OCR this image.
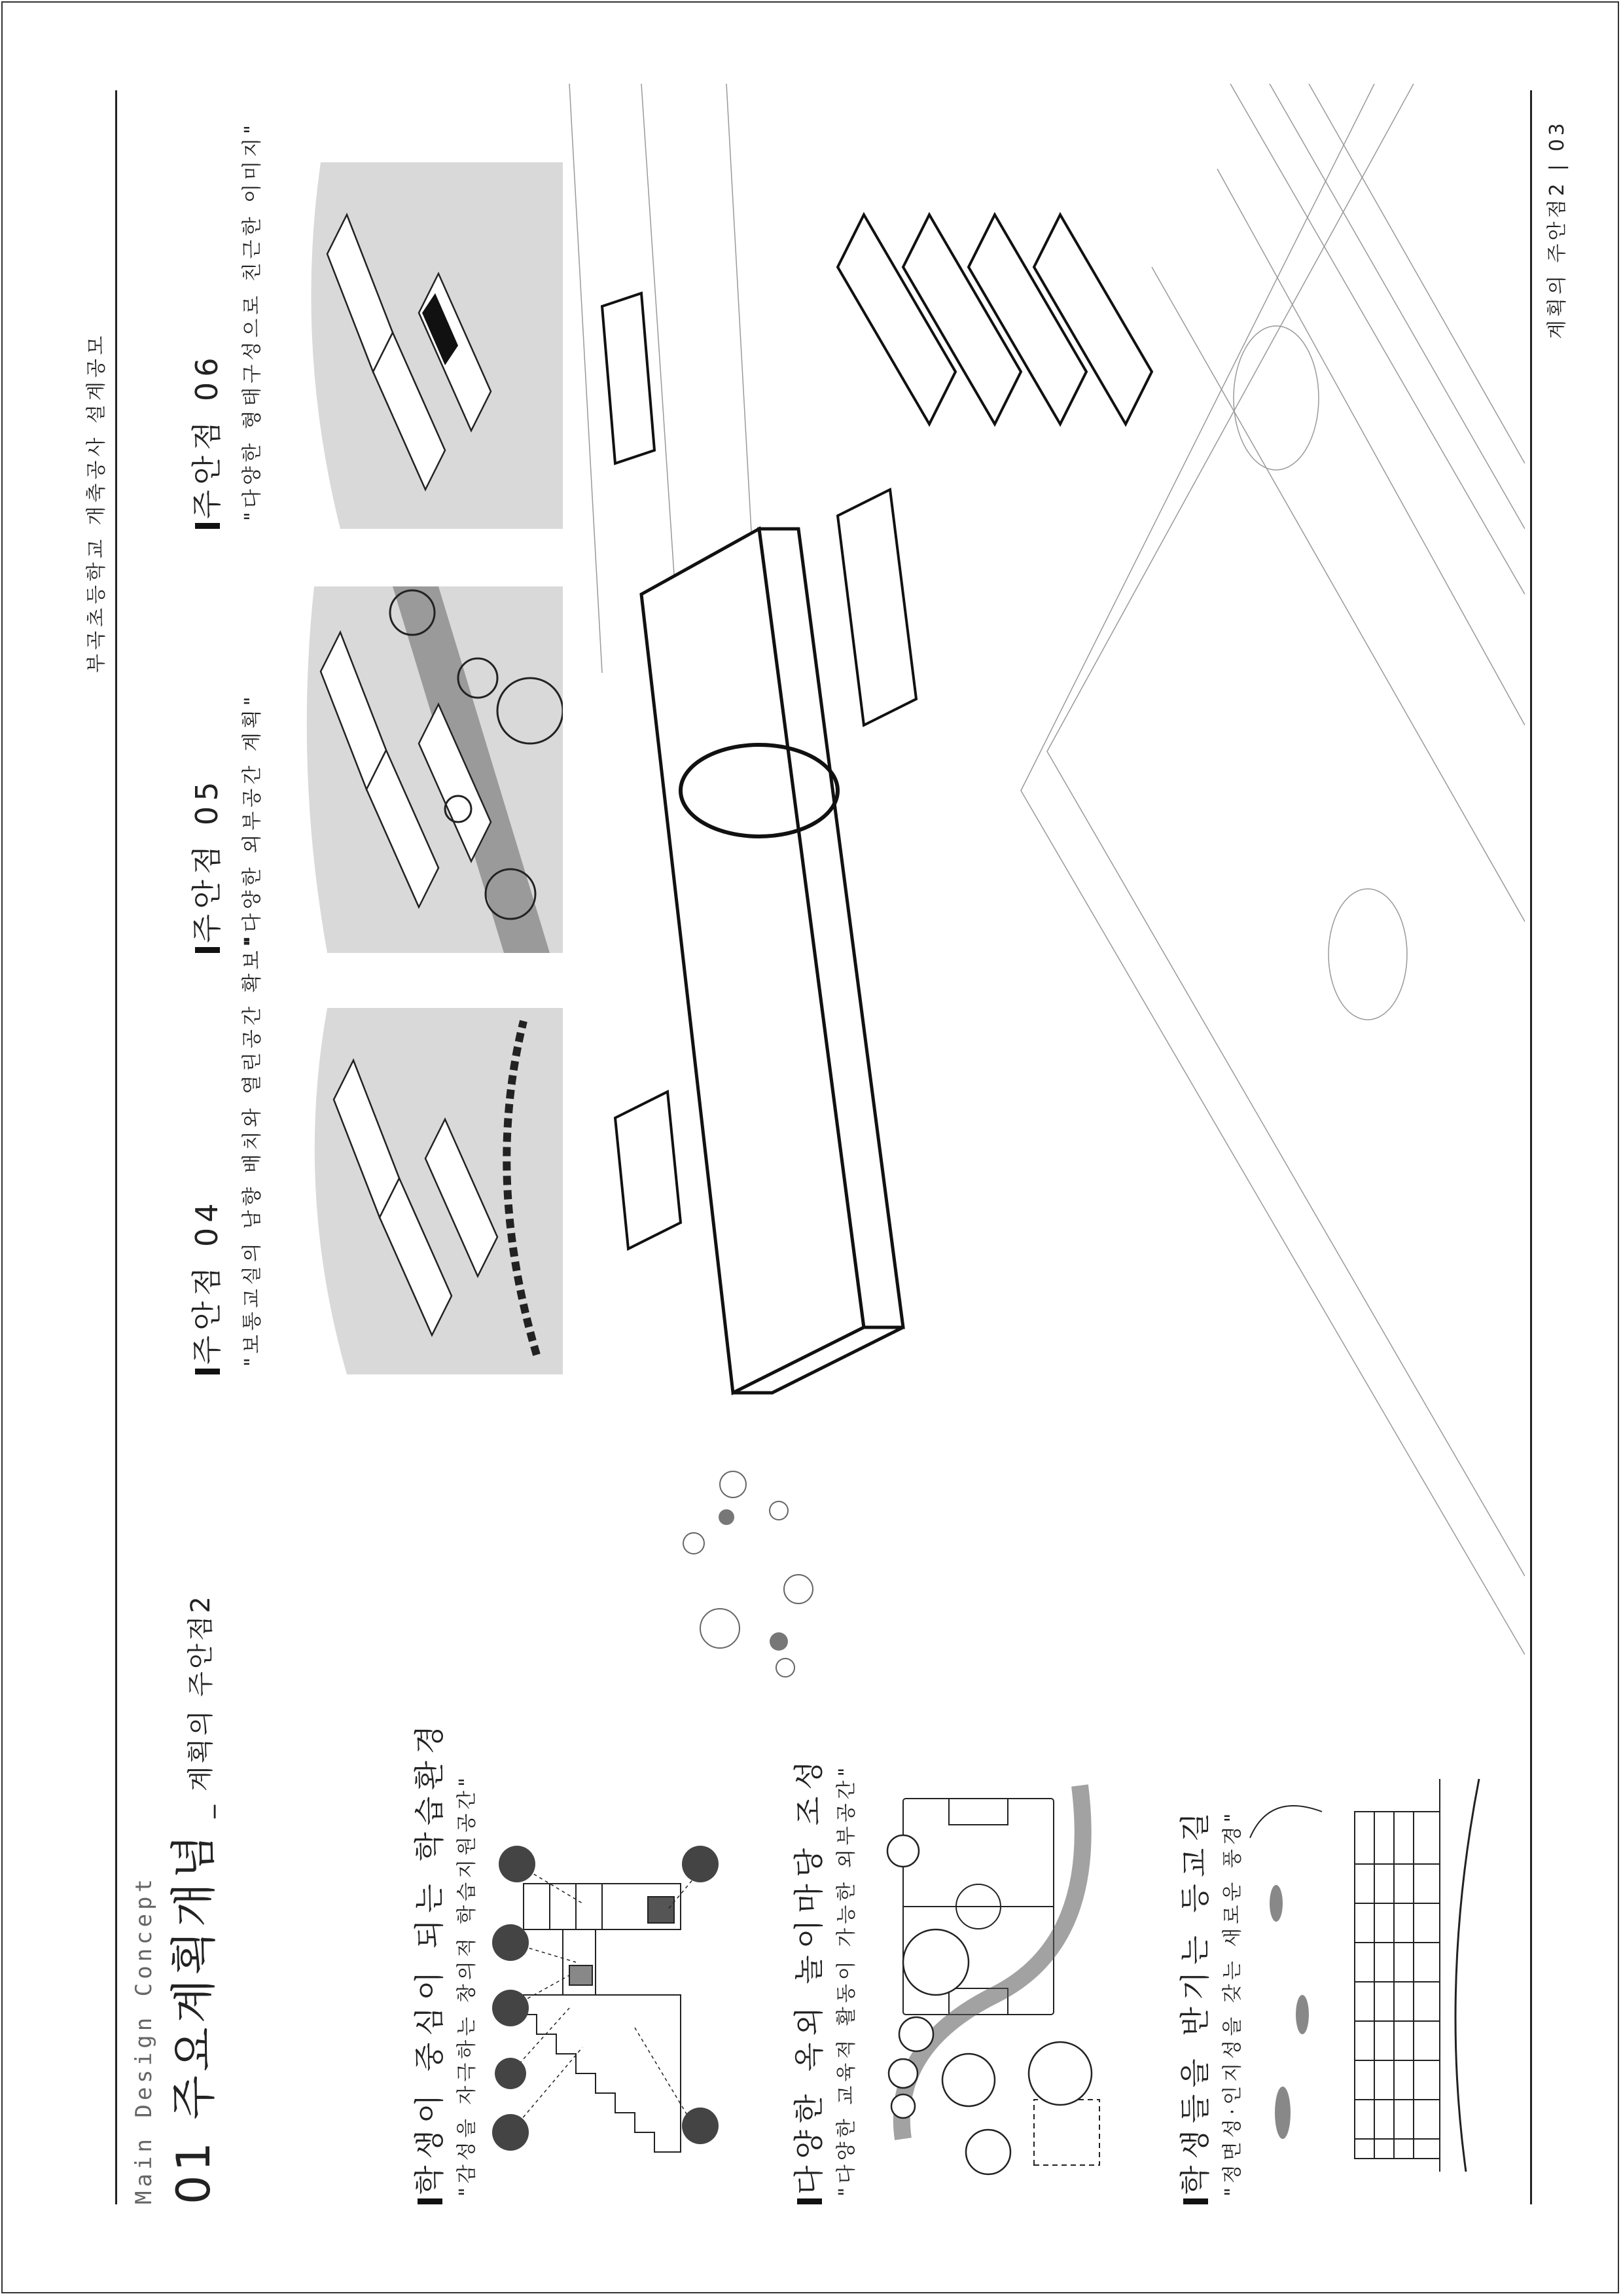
부곡초등학교 개축공사 설계공모
계획의 주안점2 | 03
Main Design Concept 01 주요계획개념 _ 계획의 주안점2
학생이 중심이 되는 학습환경 "감성을 자극하는 창의적 학습지원공간"	다양한 옥외 놀이마당 조성 "다양한 교육적 활동이 가능한 외부공간"	학생들을 반기는 등교길 "정면성·인지성을 갖는 새로운 풍경"
주안점 04 "보통교실의 남향 배치와 열린공간 확보"
주안점 05 "다양한 외부공간 계획"
주안점 06 "다양한 형태구성으로 친근한 이미지"
